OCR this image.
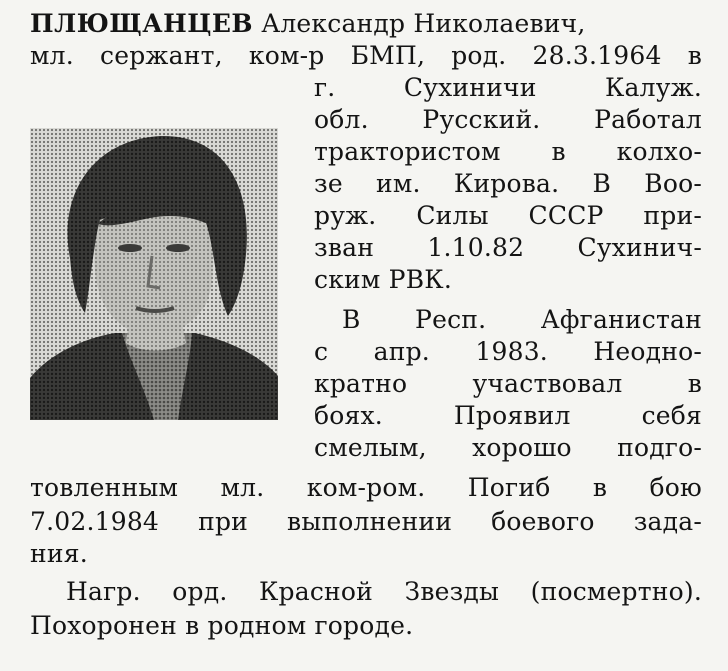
ПЛЮЩАНЦЕВ Александр Николаевич,
мл. сержант, ком-р БМП, род. 28.3.1964 в
г. Сухиничи Калуж.
обл. Русский. Работал
трактористом в колхо-
зе им. Кирова. В Воо-
руж. Силы СССР при-
зван 1.10.82 Сухинич-
ским РВК.
В Респ. Афганистан
с апр. 1983. Неодно-
кратно участвовал в
боях. Проявил себя
смелым, хорошо подго-
товленным мл. ком-ром. Погиб в бою
7.02.1984 при выполнении боевого зада-
ния.
Нагр. орд. Красной Звезды (посмертно).
Похоронен в родном городе.
